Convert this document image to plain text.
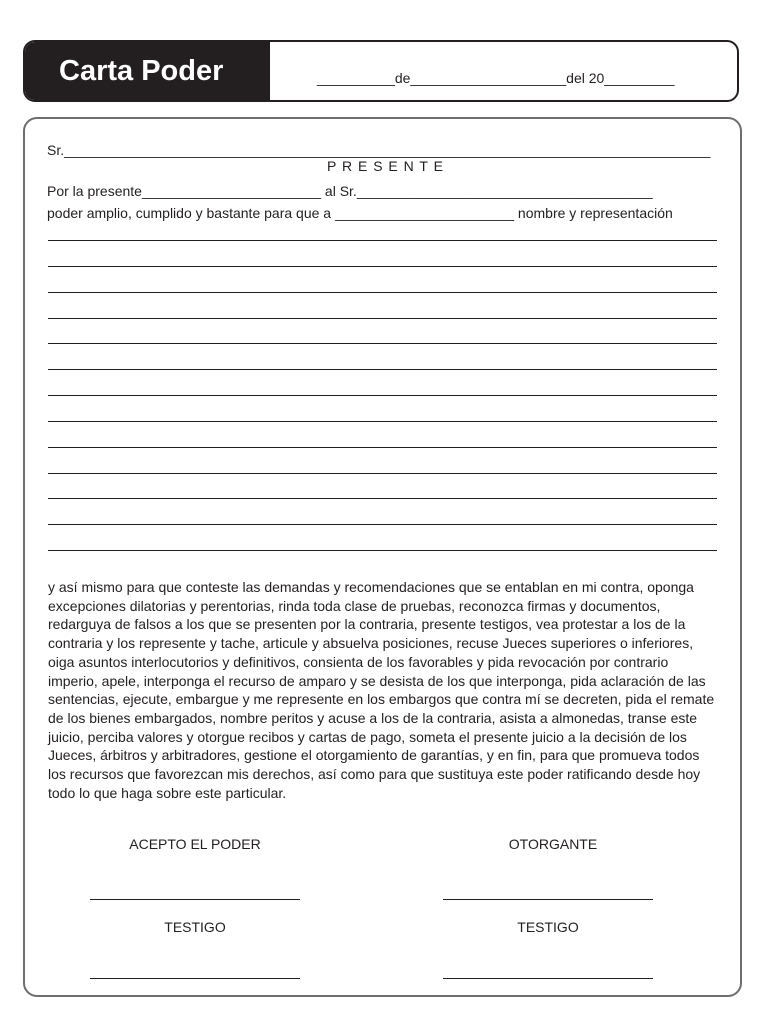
Carta Poder	__________de____________________del 20_________
Sr.___________________________________________________________________________________
P R E S E N T E
Por la presente_______________________ al Sr.______________________________________
poder amplio, cumplido y bastante para que a _______________________ nombre y representación
y así mismo para que conteste las demandas y recomendaciones que se entablan en mi contra, oponga excepciones dilatorias y perentorias, rinda toda clase de pruebas, reconozca firmas y documentos, redarguya de falsos a los que se presenten por la contraria, presente testigos, vea protestar a los de la contraria y los represente y tache, articule y absuelva posiciones, recuse Jueces superiores o inferiores, oiga asuntos interlocutorios y definitivos, consienta de los favorables y pida revocación por contrario imperio, apele, interponga el recurso de amparo y se desista de los que interponga, pida aclaración de las sentencias, ejecute, embargue y me represente en los embargos que contra mí se decreten, pida el remate de los bienes embargados, nombre peritos y acuse a los de la contraria, asista a almonedas, transe este juicio, perciba valores y otorgue recibos y cartas de pago, someta el presente juicio a la decisión de los Jueces, árbitros y arbitradores, gestione el otorgamiento de garantías, y en fin, para que promueva todos los recursos que favorezcan mis derechos, así como para que sustituya este poder ratificando desde hoy todo lo que haga sobre este particular.
ACEPTO EL PODER	OTORGANTE
TESTIGO	TESTIGO
